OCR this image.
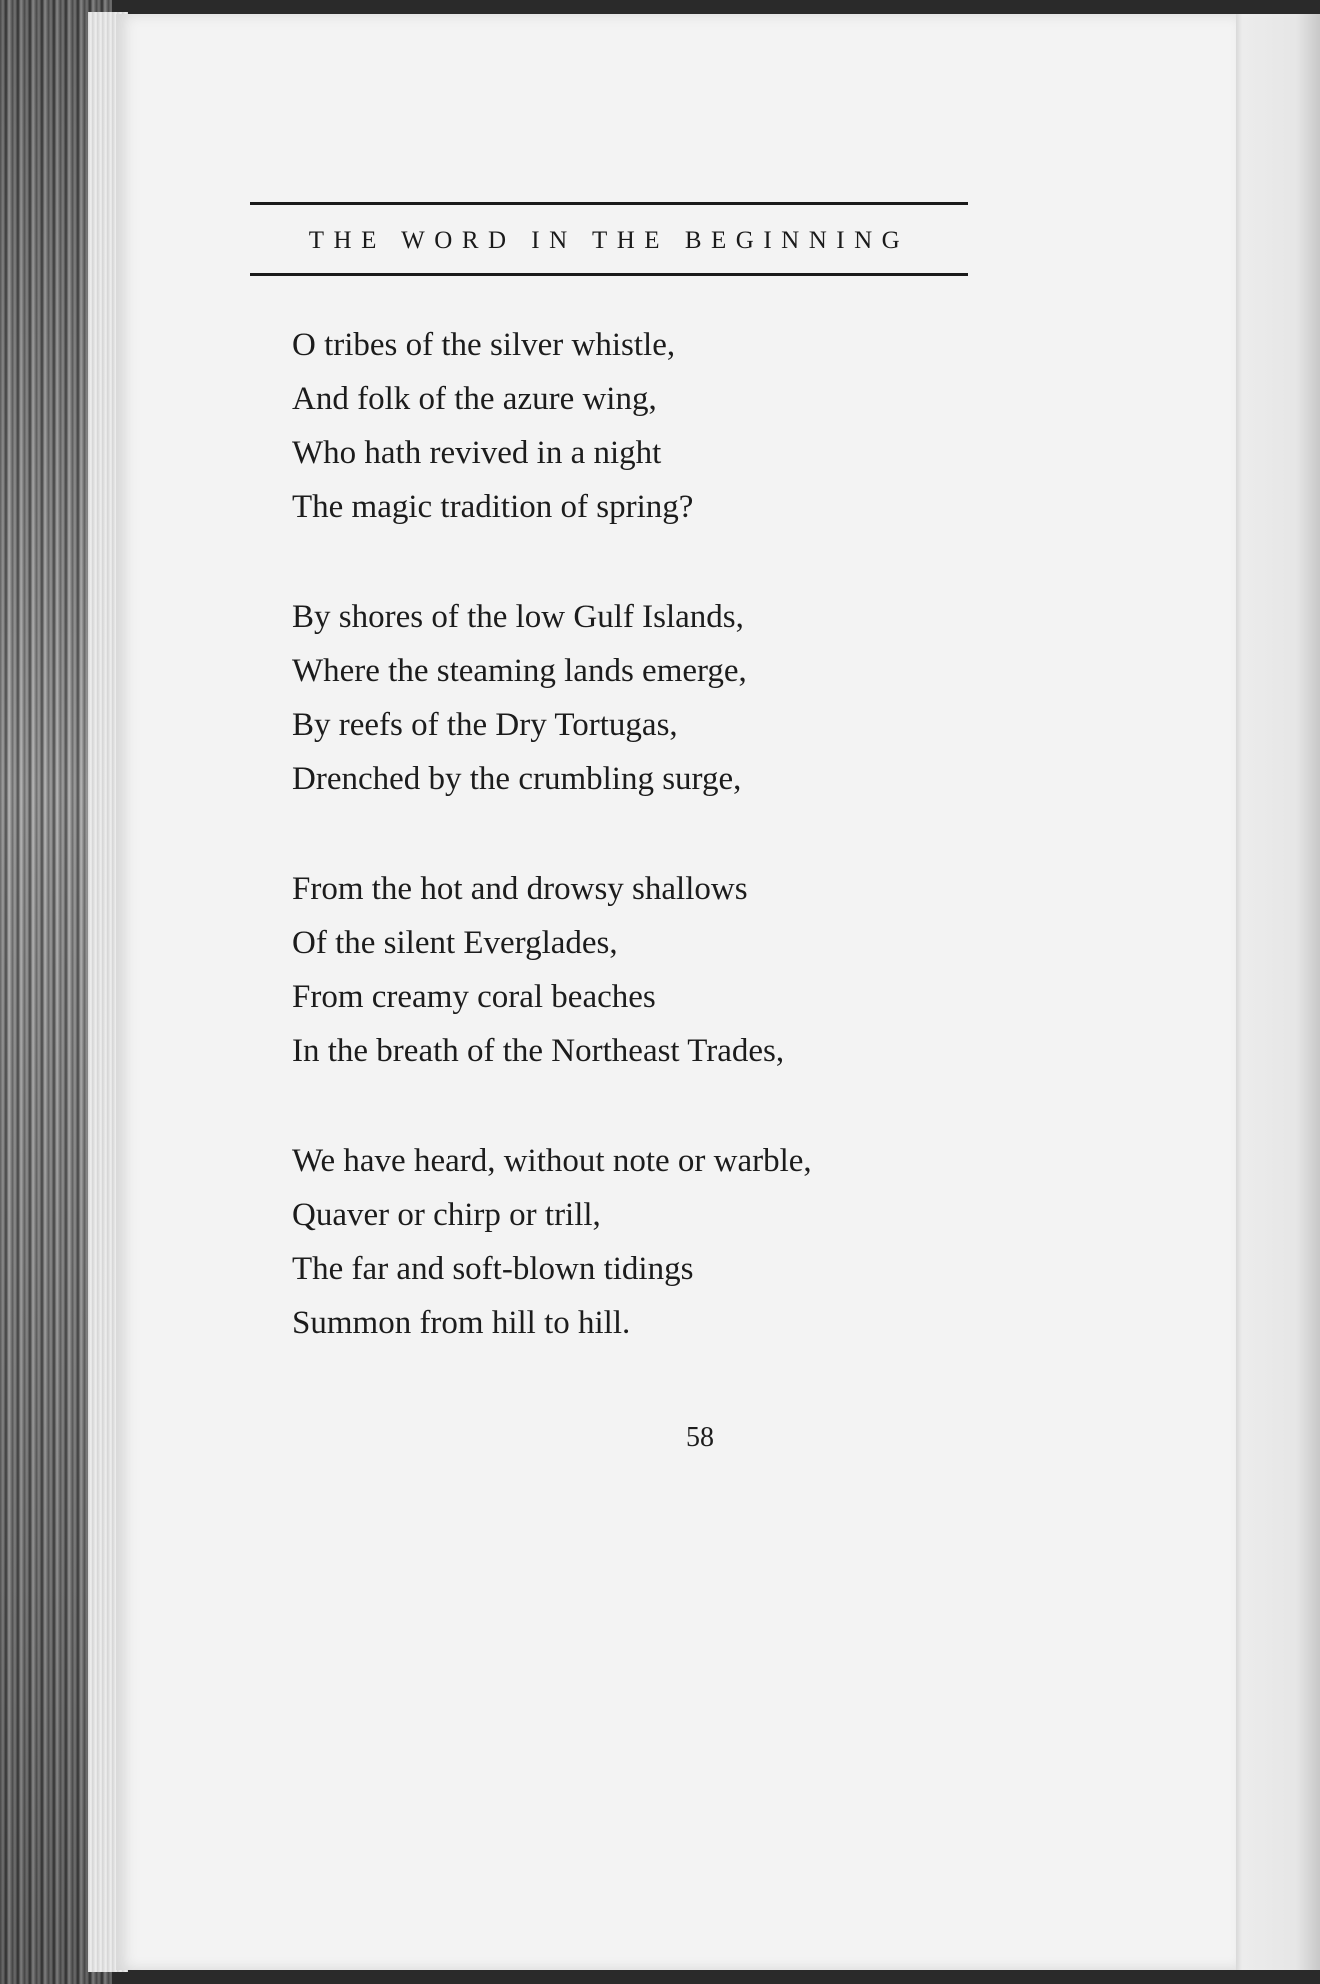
THE WORD IN THE BEGINNING
O tribes of the silver whistle,
And folk of the azure wing,
Who hath revived in a night
The magic tradition of spring?
By shores of the low Gulf Islands,
Where the steaming lands emerge,
By reefs of the Dry Tortugas,
Drenched by the crumbling surge,
From the hot and drowsy shallows
Of the silent Everglades,
From creamy coral beaches
In the breath of the Northeast Trades,
We have heard, without note or warble,
Quaver or chirp or trill,
The far and soft-blown tidings
Summon from hill to hill.
58
